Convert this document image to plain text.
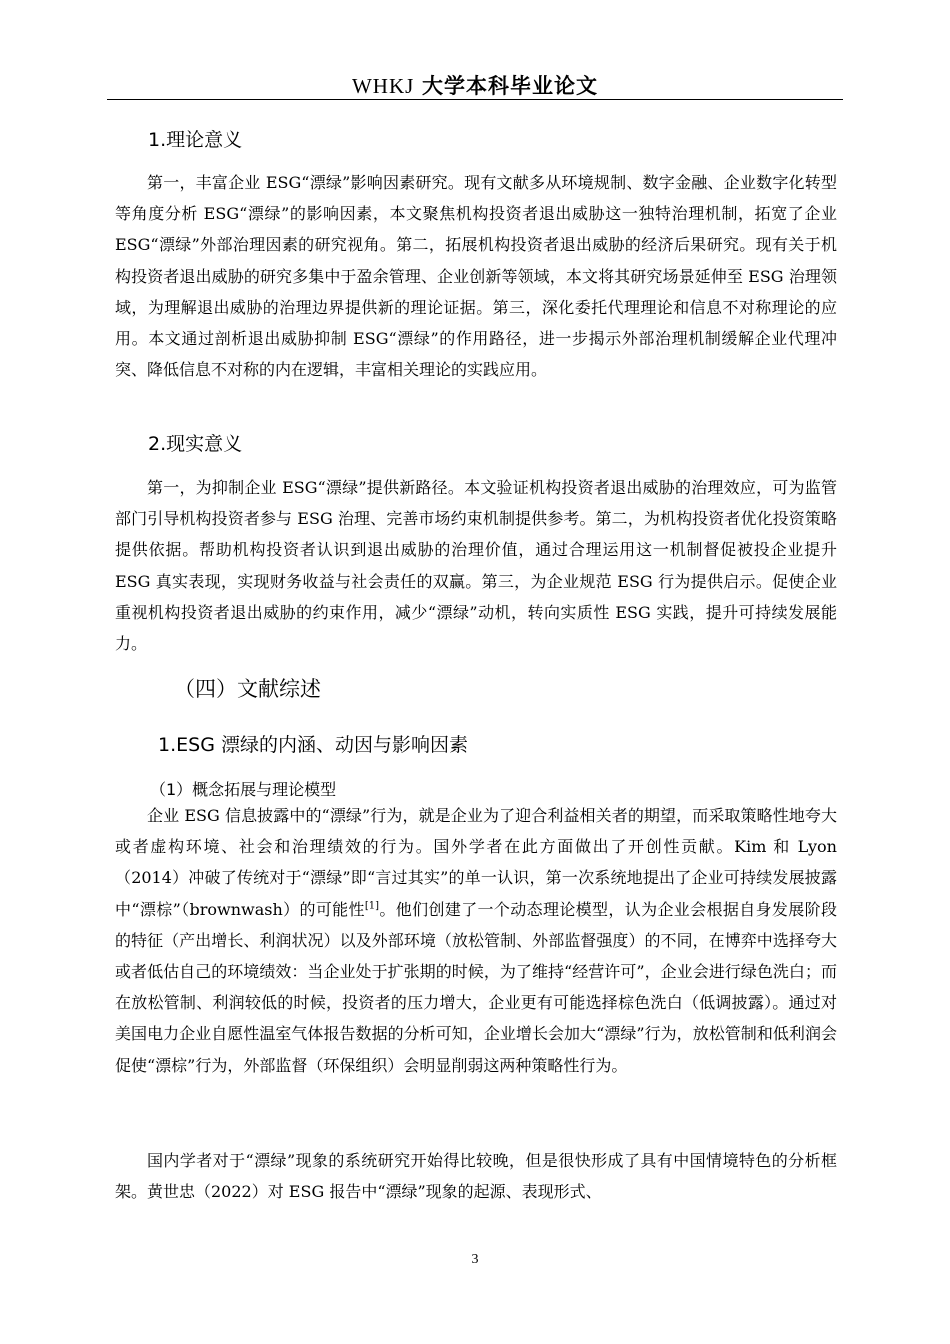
WHKJ 大学本科毕业论文
1.理论意义

第一，丰富企业 ESG“漂绿”影响因素研究。现有文献多从环境规制、数字金融、企业数字化转型等角度分析 ESG“漂绿”的影响因素，本文聚焦机构投资者退出威胁这一独特治理机制，拓宽了企业 ESG“漂绿”外部治理因素的研究视角。第二，拓展机构投资者退出威胁的经济后果研究。现有关于机构投资者退出威胁的研究多集中于盈余管理、企业创新等领域，本文将其研究场景延伸至 ESG 治理领域，为理解退出威胁的治理边界提供新的理论证据。第三，深化委托代理理论和信息不对称理论的应用。本文通过剖析退出威胁抑制 ESG“漂绿”的作用路径，进一步揭示外部治理机制缓解企业代理冲突、降低信息不对称的内在逻辑，丰富相关理论的实践应用。

2.现实意义

第一，为抑制企业 ESG“漂绿”提供新路径。本文验证机构投资者退出威胁的治理效应，可为监管部门引导机构投资者参与 ESG 治理、完善市场约束机制提供参考。第二，为机构投资者优化投资策略提供依据。帮助机构投资者认识到退出威胁的治理价值，通过合理运用这一机制督促被投企业提升 ESG 真实表现，实现财务收益与社会责任的双赢。第三，为企业规范 ESG 行为提供启示。促使企业重视机构投资者退出威胁的约束作用，减少“漂绿”动机，转向实质性 ESG 实践，提升可持续发展能力。

（四）文献综述
1.ESG 漂绿的内涵、动因与影响因素
（1）概念拓展与理论模型

企业 ESG 信息披露中的“漂绿”行为，就是企业为了迎合利益相关者的期望，而采取策略性地夸大或者虚构环境、社会和治理绩效的行为。国外学者在此方面做出了开创性贡献。Kim 和 Lyon（2014）冲破了传统对于“漂绿”即“言过其实”的单一认识，第一次系统地提出了企业可持续发展披露中“漂棕”（brownwash）的可能性[1]。他们创建了一个动态理论模型，认为企业会根据自身发展阶段的特征（产出增长、利润状况）以及外部环境（放松管制、外部监督强度）的不同，在博弈中选择夸大或者低估自己的环境绩效：当企业处于扩张期的时候，为了维持“经营许可”，企业会进行绿色洗白；而在放松管制、利润较低的时候，投资者的压力增大，企业更有可能选择棕色洗白（低调披露）。通过对美国电力企业自愿性温室气体报告数据的分析可知，企业增长会加大“漂绿”行为，放松管制和低利润会促使“漂棕”行为，外部监督（环保组织）会明显削弱这两种策略性行为。

国内学者对于“漂绿”现象的系统研究开始得比较晚，但是很快形成了具有中国情境特色的分析框架。黄世忠（2022）对 ESG 报告中“漂绿”现象的起源、表现形式、

3
